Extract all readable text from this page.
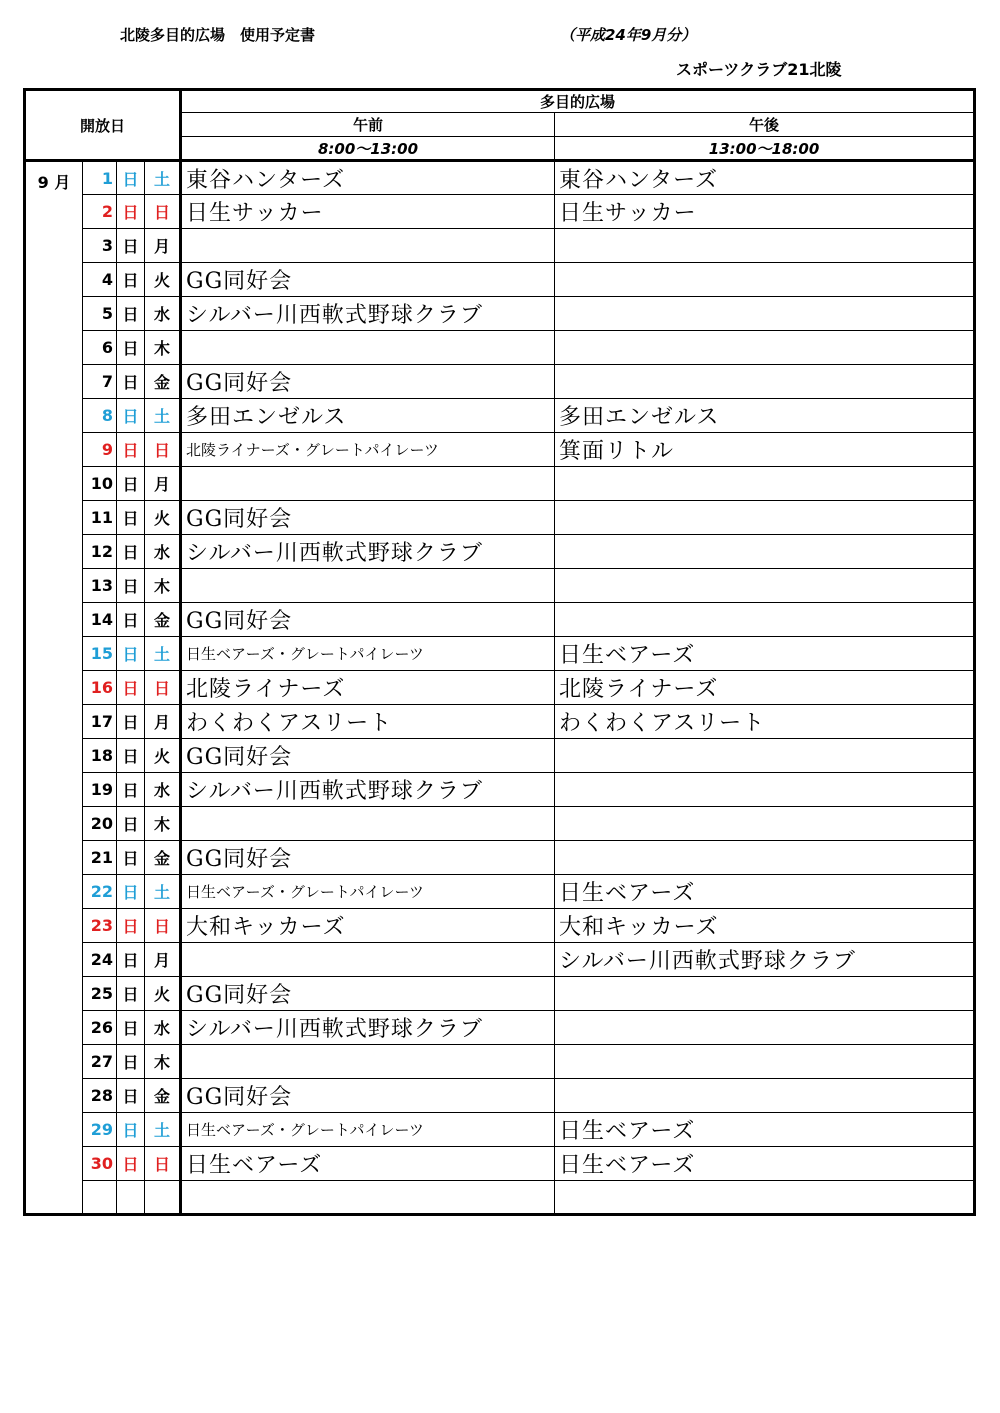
北陵多目的広場　使用予定書	（平成24年9月分）
スポーツクラブ21北陵
開放日				多目的広場	
				午前	午後
				8:00～13:00	13:00～18:00
9 月	1	日	土	東谷ハンターズ	東谷ハンターズ
	2	日	日	日生サッカー	日生サッカー
	3	日	月		
	4	日	火	GG同好会	
	5	日	水	シルバー川西軟式野球クラブ	
	6	日	木		
	7	日	金	GG同好会	
	8	日	土	多田エンゼルス	多田エンゼルス
	9	日	日	北陵ライナーズ・グレートパイレーツ	箕面リトル
	10	日	月		
	11	日	火	GG同好会	
	12	日	水	シルバー川西軟式野球クラブ	
	13	日	木		
	14	日	金	GG同好会	
	15	日	土	日生ベアーズ・グレートパイレーツ	日生ベアーズ
	16	日	日	北陵ライナーズ	北陵ライナーズ
	17	日	月	わくわくアスリート	わくわくアスリート
	18	日	火	GG同好会	
	19	日	水	シルバー川西軟式野球クラブ	
	20	日	木		
	21	日	金	GG同好会	
	22	日	土	日生ベアーズ・グレートパイレーツ	日生ベアーズ
	23	日	日	大和キッカーズ	大和キッカーズ
	24	日	月		シルバー川西軟式野球クラブ
	25	日	火	GG同好会	
	26	日	水	シルバー川西軟式野球クラブ	
	27	日	木		
	28	日	金	GG同好会	
	29	日	土	日生ベアーズ・グレートパイレーツ	日生ベアーズ
	30	日	日	日生ベアーズ	日生ベアーズ
